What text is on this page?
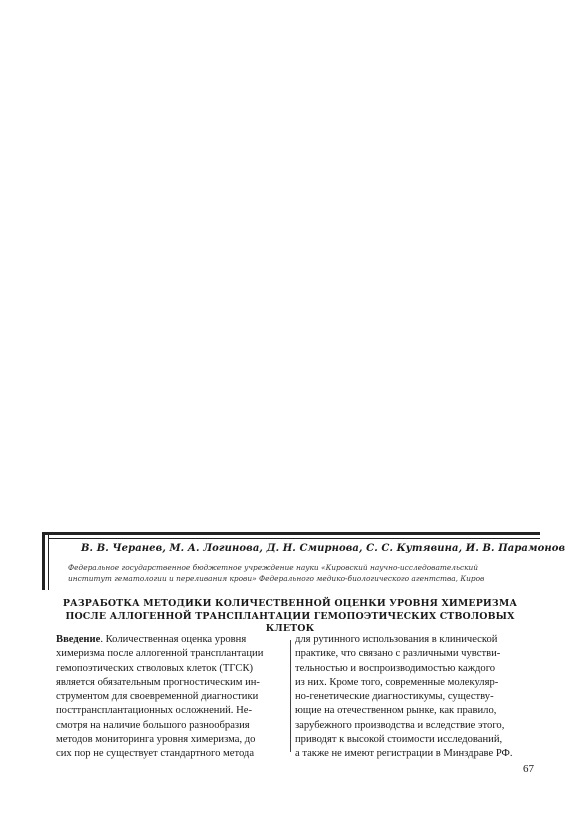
В. В. Черанев, М. А. Логинова, Д. Н. Смирнова, С. С. Кутявина, И. В. Парамонов
Федеральное государственное бюджетное учреждение науки «Кировский научно-исследовательский институт гематологии и переливания крови» Федерального медико-биологического агентства, Киров
РАЗРАБОТКА МЕТОДИКИ КОЛИЧЕСТВЕННОЙ ОЦЕНКИ УРОВНЯ ХИМЕРИЗМА
ПОСЛЕ АЛЛОГЕННОЙ ТРАНСПЛАНТАЦИИ ГЕМОПОЭТИЧЕСКИХ СТВОЛОВЫХ КЛЕТОК
Введение. Количественная оценка уровня
химеризма после аллогенной трансплантации
гемопоэтических стволовых клеток (ТГСК)
является обязательным прогностическим ин-
струментом для своевременной диагностики
посттрансплантационных осложнений. Не-
смотря на наличие большого разнообразия
методов мониторинга уровня химеризма, до
сих пор не существует стандартного метода
для рутинного использования в клинической
практике, что связано с различными чувстви-
тельностью и воспроизводимостью каждого
из них. Кроме того, современные молекуляр-
но-генетические диагностикумы, существу-
ющие на отечественном рынке, как правило,
зарубежного производства и вследствие этого,
приводят к высокой стоимости исследований,
а также не имеют регистрации в Минздраве РФ.
67
